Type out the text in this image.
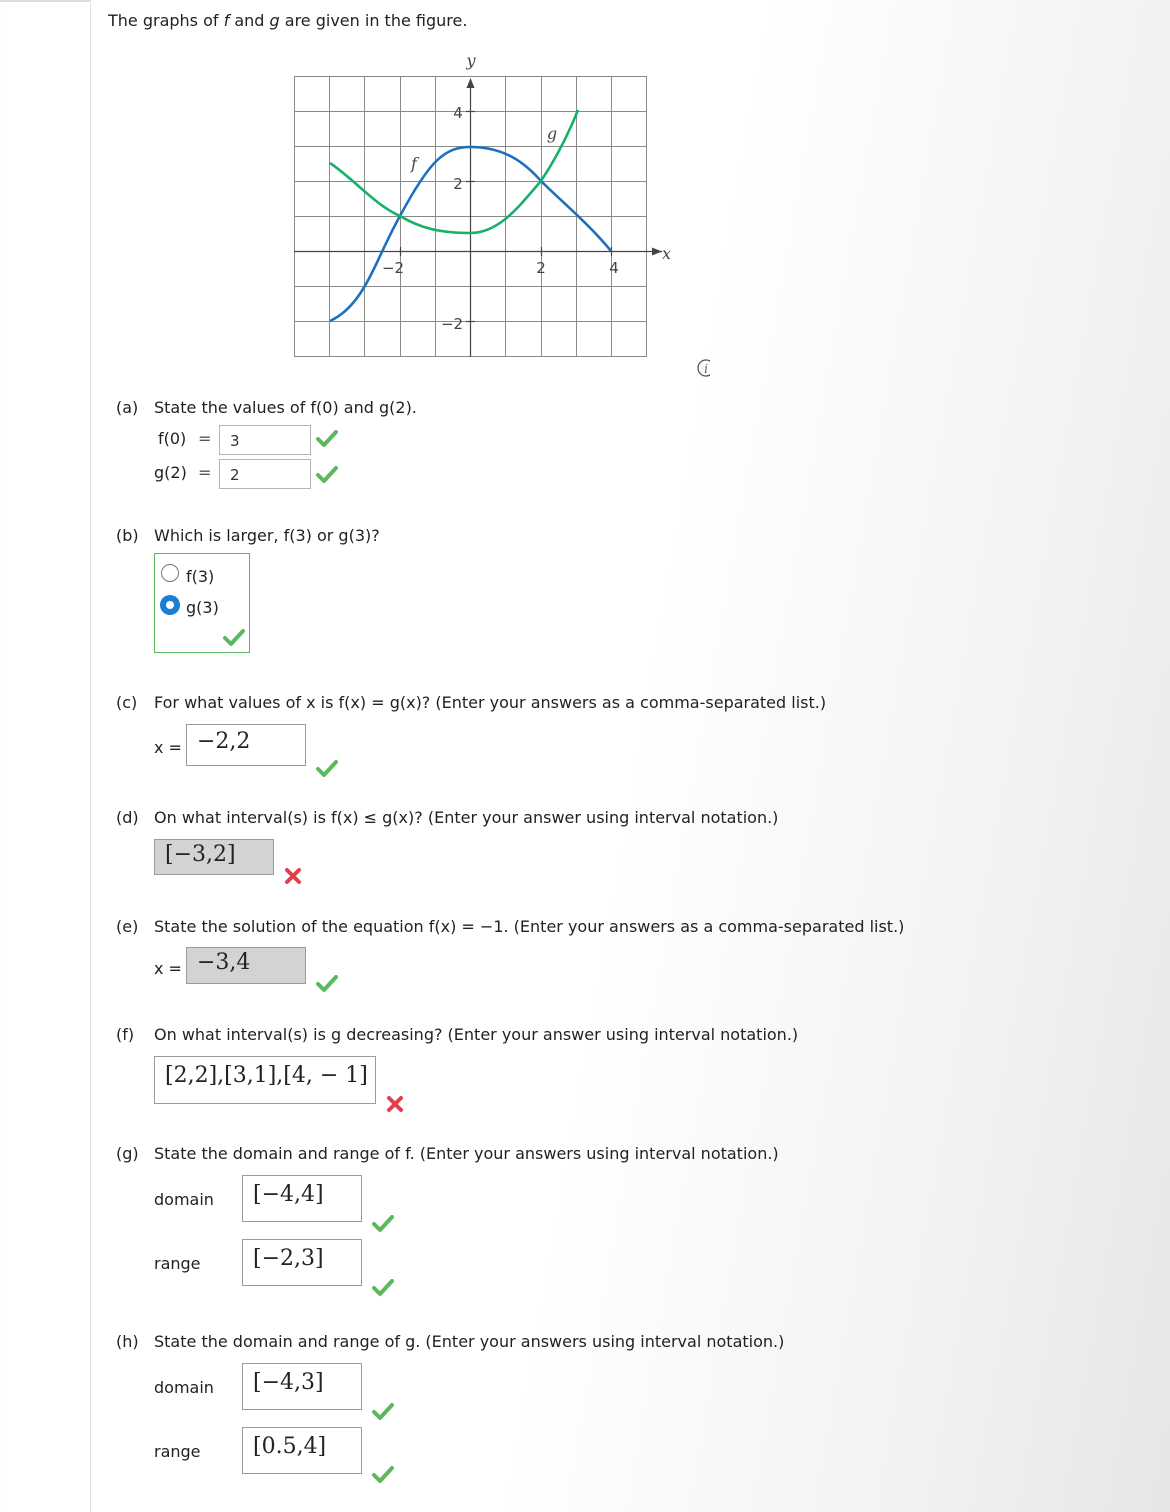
The graphs of f and g are given in the figure.
y
x
f
g
4
2
−2
−2	2	4
i
(a) State the values of f(0) and g(2).
f(0) =	3
g(2) =	2
(b) Which is larger, f(3) or g(3)?
f(3)
g(3)
(c) For what values of x is f(x) = g(x)? (Enter your answers as a comma-separated list.)
x = −2,2
(d) On what interval(s) is f(x) ≤ g(x)? (Enter your answer using interval notation.)
[−3,2]
(e) State the solution of the equation f(x) = −1. (Enter your answers as a comma-separated list.)
x = −3,4
(f) On what interval(s) is g decreasing? (Enter your answer using interval notation.)
[2,2],[3,1],[4, − 1]
(g) State the domain and range of f. (Enter your answers using interval notation.)
domain	[−4,4]
range	[−2,3]
(h) State the domain and range of g. (Enter your answers using interval notation.)
domain	[−4,3]
range	[0.5,4]
